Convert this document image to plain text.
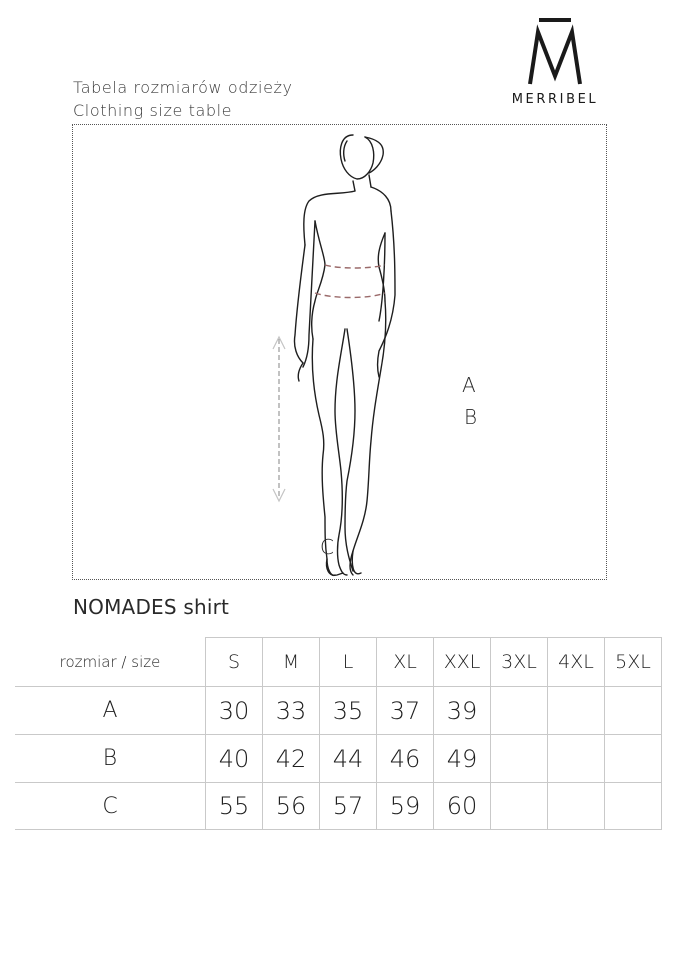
Tabela rozmiarów odzieży
Clothing size table
MERRIBEL
A
B
C
NOMADES shirt
rozmiar / size	S	M	L	XL	XXL	3XL	4XL	5XL
A	30	33	35	37	39			
B	40	42	44	46	49			
C	55	56	57	59	60			
